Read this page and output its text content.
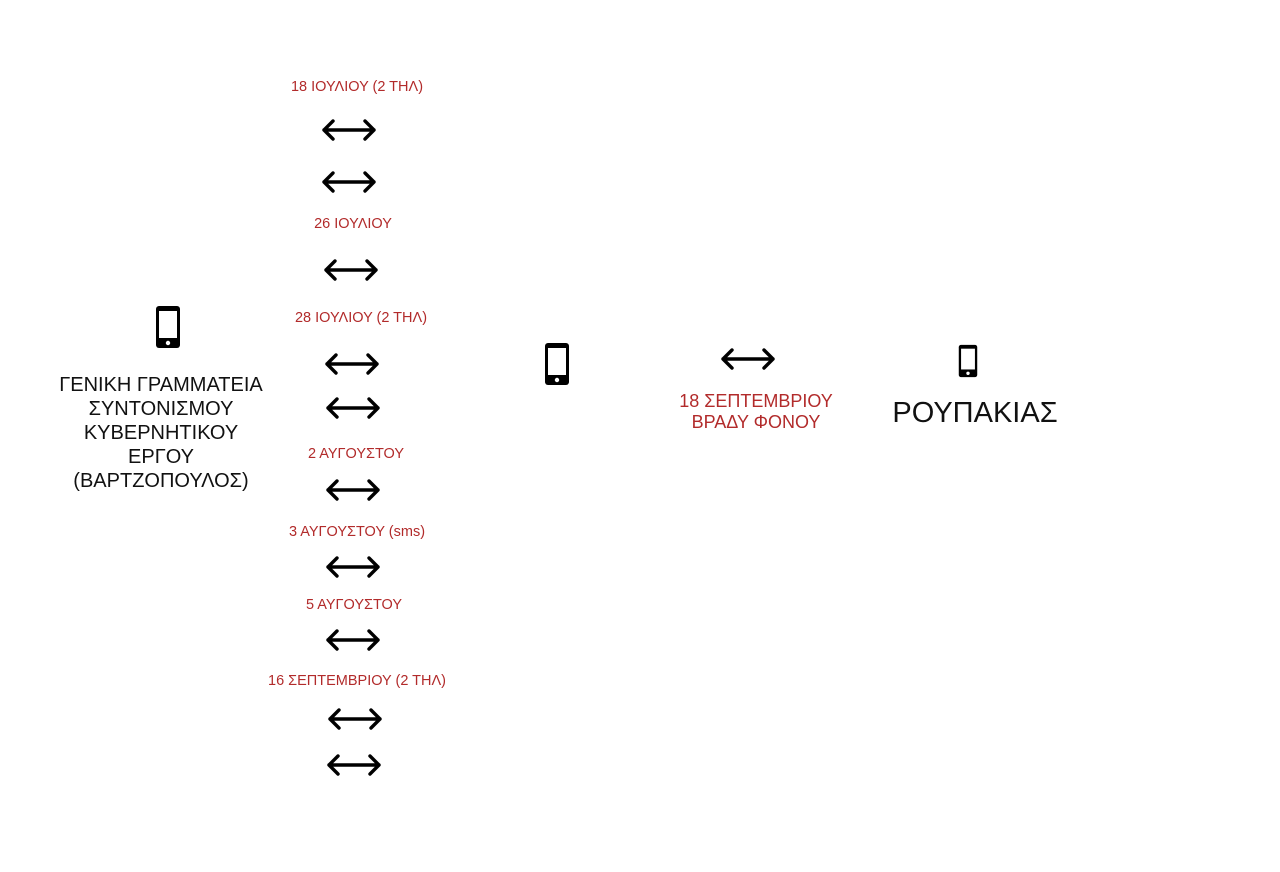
ΓΕΝΙΚΗ ΓΡΑΜΜΑΤΕΙΑ
ΣΥΝΤΟΝΙΣΜΟΥ
ΚΥΒΕΡΝΗΤΙΚΟΥ
ΕΡΓΟΥ
(ΒΑΡΤΖΟΠΟΥΛΟΣ)
18 ΙΟΥΛΙΟΥ (2 ΤΗΛ)
26 ΙΟΥΛΙΟΥ
28 ΙΟΥΛΙΟΥ (2 ΤΗΛ)
2 ΑΥΓΟΥΣΤΟΥ
3 ΑΥΓΟΥΣΤΟΥ (sms)
5 ΑΥΓΟΥΣΤΟΥ
16 ΣΕΠΤΕΜΒΡΙΟΥ (2 ΤΗΛ)
18 ΣΕΠΤΕΜΒΡΙΟΥ
ΒΡΑΔΥ ΦΟΝΟΥ	ΡΟΥΠΑΚΙΑΣ
